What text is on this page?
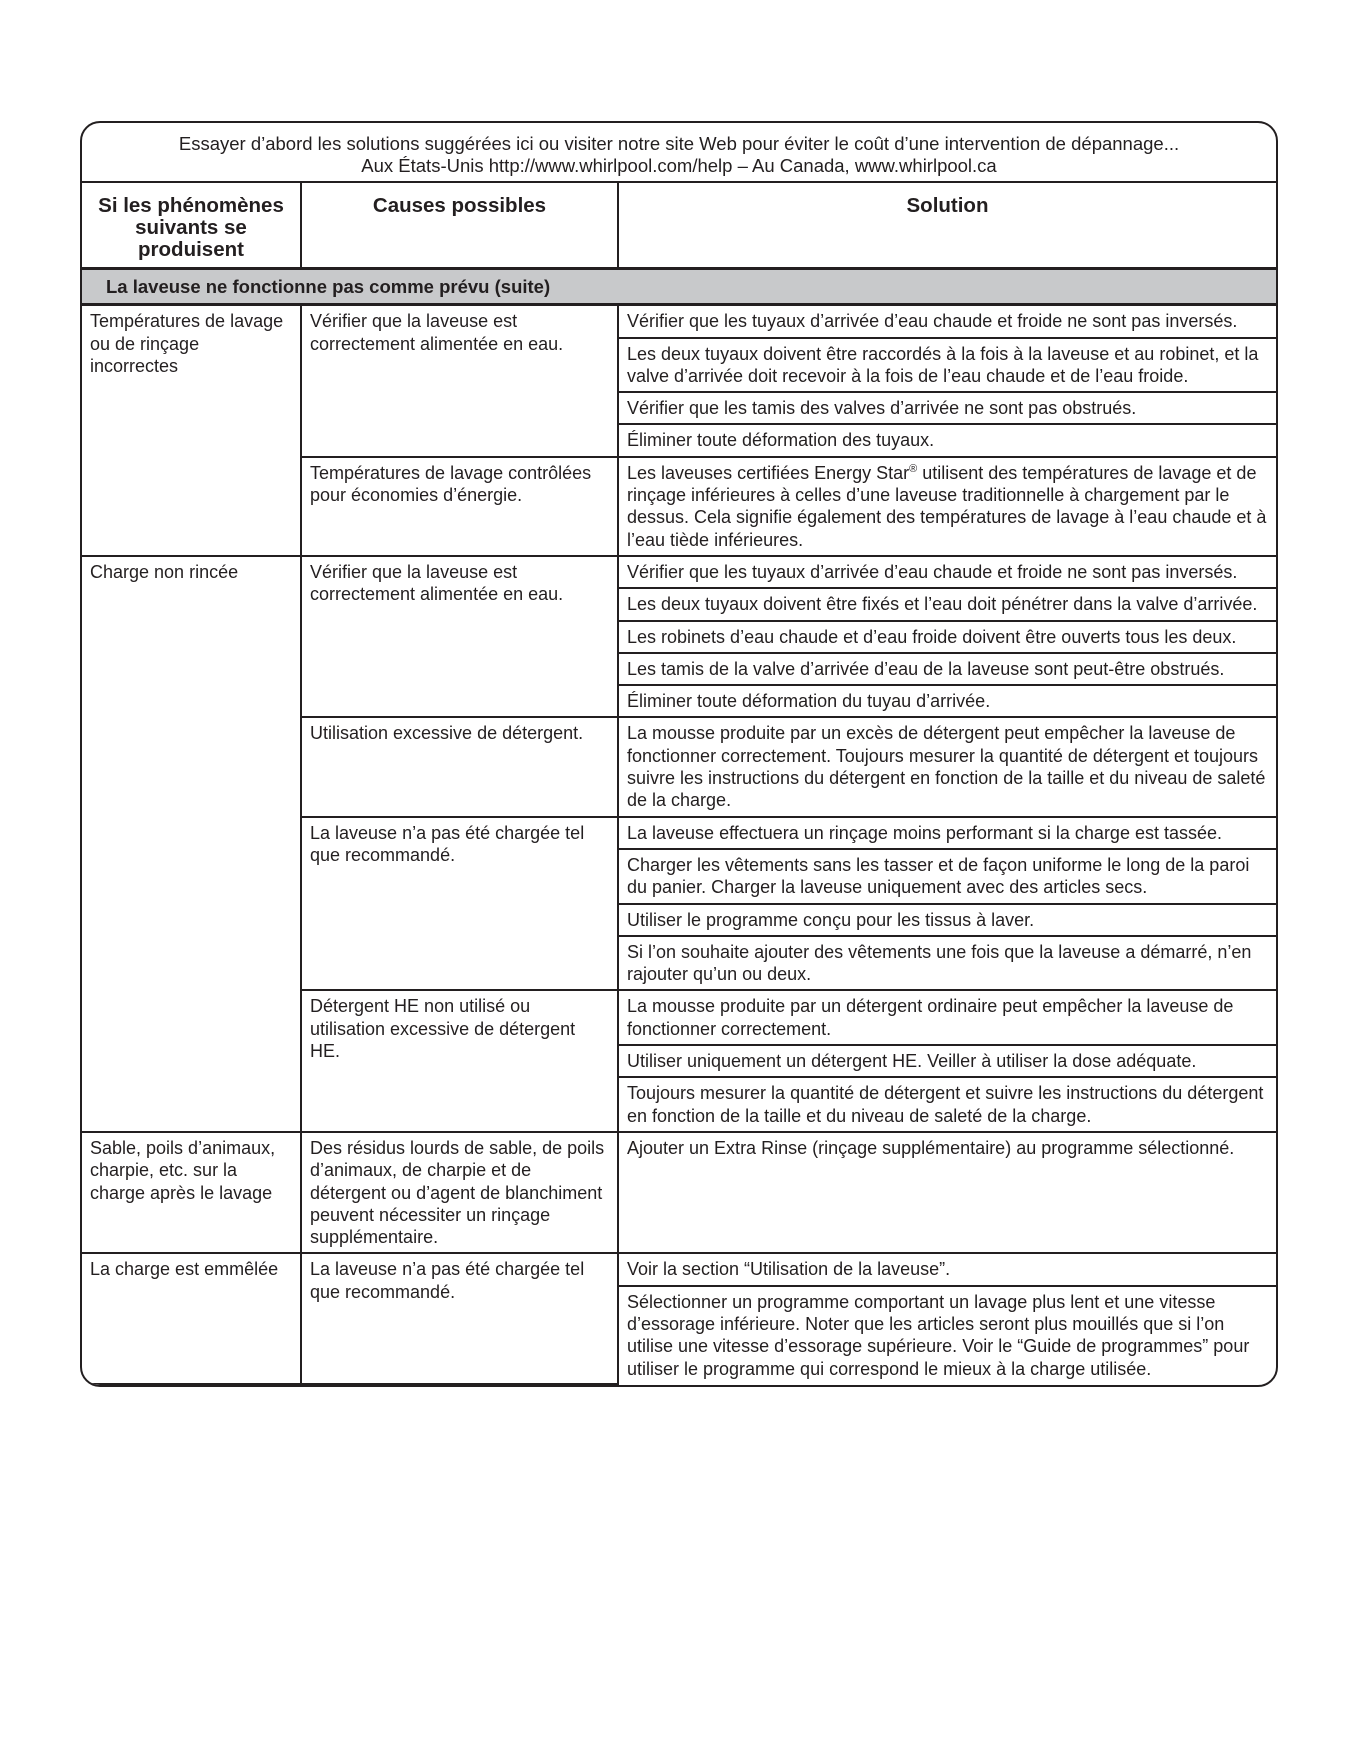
Essayer d’abord les solutions suggérées ici ou visiter notre site Web pour éviter le coût d’une intervention de dépannage...
Aux États-Unis http://www.whirlpool.com/help – Au Canada, www.whirlpool.ca
Si les phénomènes suivants se produisent	Causes possibles	Solution
La laveuse ne fonctionne pas comme prévu (suite)		
Températures de lavage ou de rinçage incorrectes	Vérifier que la laveuse est correctement alimentée en eau.	Vérifier que les tuyaux d’arrivée d’eau chaude et froide ne sont pas inversés.
		Les deux tuyaux doivent être raccordés à la fois à la laveuse et au robinet, et la valve d’arrivée doit recevoir à la fois de l’eau chaude et de l’eau froide.
		Vérifier que les tamis des valves d’arrivée ne sont pas obstrués.
		Éliminer toute déformation des tuyaux.
	Températures de lavage contrôlées pour économies d’énergie.	Les laveuses certifiées Energy Star® utilisent des températures de lavage et de rinçage inférieures à celles d’une laveuse traditionnelle à chargement par le dessus. Cela signifie également des températures de lavage à l’eau chaude et à l’eau tiède inférieures.
Charge non rincée	Vérifier que la laveuse est correctement alimentée en eau.	Vérifier que les tuyaux d’arrivée d’eau chaude et froide ne sont pas inversés.
		Les deux tuyaux doivent être fixés et l’eau doit pénétrer dans la valve d’arrivée.
		Les robinets d’eau chaude et d’eau froide doivent être ouverts tous les deux.
		Les tamis de la valve d’arrivée d’eau de la laveuse sont peut-être obstrués.
		Éliminer toute déformation du tuyau d’arrivée.
	Utilisation excessive de détergent.	La mousse produite par un excès de détergent peut empêcher la laveuse de fonctionner correctement. Toujours mesurer la quantité de détergent et toujours suivre les instructions du détergent en fonction de la taille et du niveau de saleté de la charge.
	La laveuse n’a pas été chargée tel que recommandé.	La laveuse effectuera un rinçage moins performant si la charge est tassée.
		Charger les vêtements sans les tasser et de façon uniforme le long de la paroi du panier. Charger la laveuse uniquement avec des articles secs.
		Utiliser le programme conçu pour les tissus à laver.
		Si l’on souhaite ajouter des vêtements une fois que la laveuse a démarré, n’en rajouter qu’un ou deux.
	Détergent HE non utilisé ou utilisation excessive de détergent HE.	La mousse produite par un détergent ordinaire peut empêcher la laveuse de fonctionner correctement.
		Utiliser uniquement un détergent HE. Veiller à utiliser la dose adéquate.
		Toujours mesurer la quantité de détergent et suivre les instructions du détergent en fonction de la taille et du niveau de saleté de la charge.
Sable, poils d’animaux, charpie, etc. sur la charge après le lavage	Des résidus lourds de sable, de poils d’animaux, de charpie et de détergent ou d’agent de blanchiment peuvent nécessiter un rinçage supplémentaire.	Ajouter un Extra Rinse (rinçage supplémentaire) au programme sélectionné.
La charge est emmêlée	La laveuse n’a pas été chargée tel que recommandé.	Voir la section “Utilisation de la laveuse”.
		Sélectionner un programme comportant un lavage plus lent et une vitesse d’essorage inférieure. Noter que les articles seront plus mouillés que si l’on utilise une vitesse d’essorage supérieure. Voir le “Guide de programmes” pour utiliser le programme qui correspond le mieux à la charge utilisée.
